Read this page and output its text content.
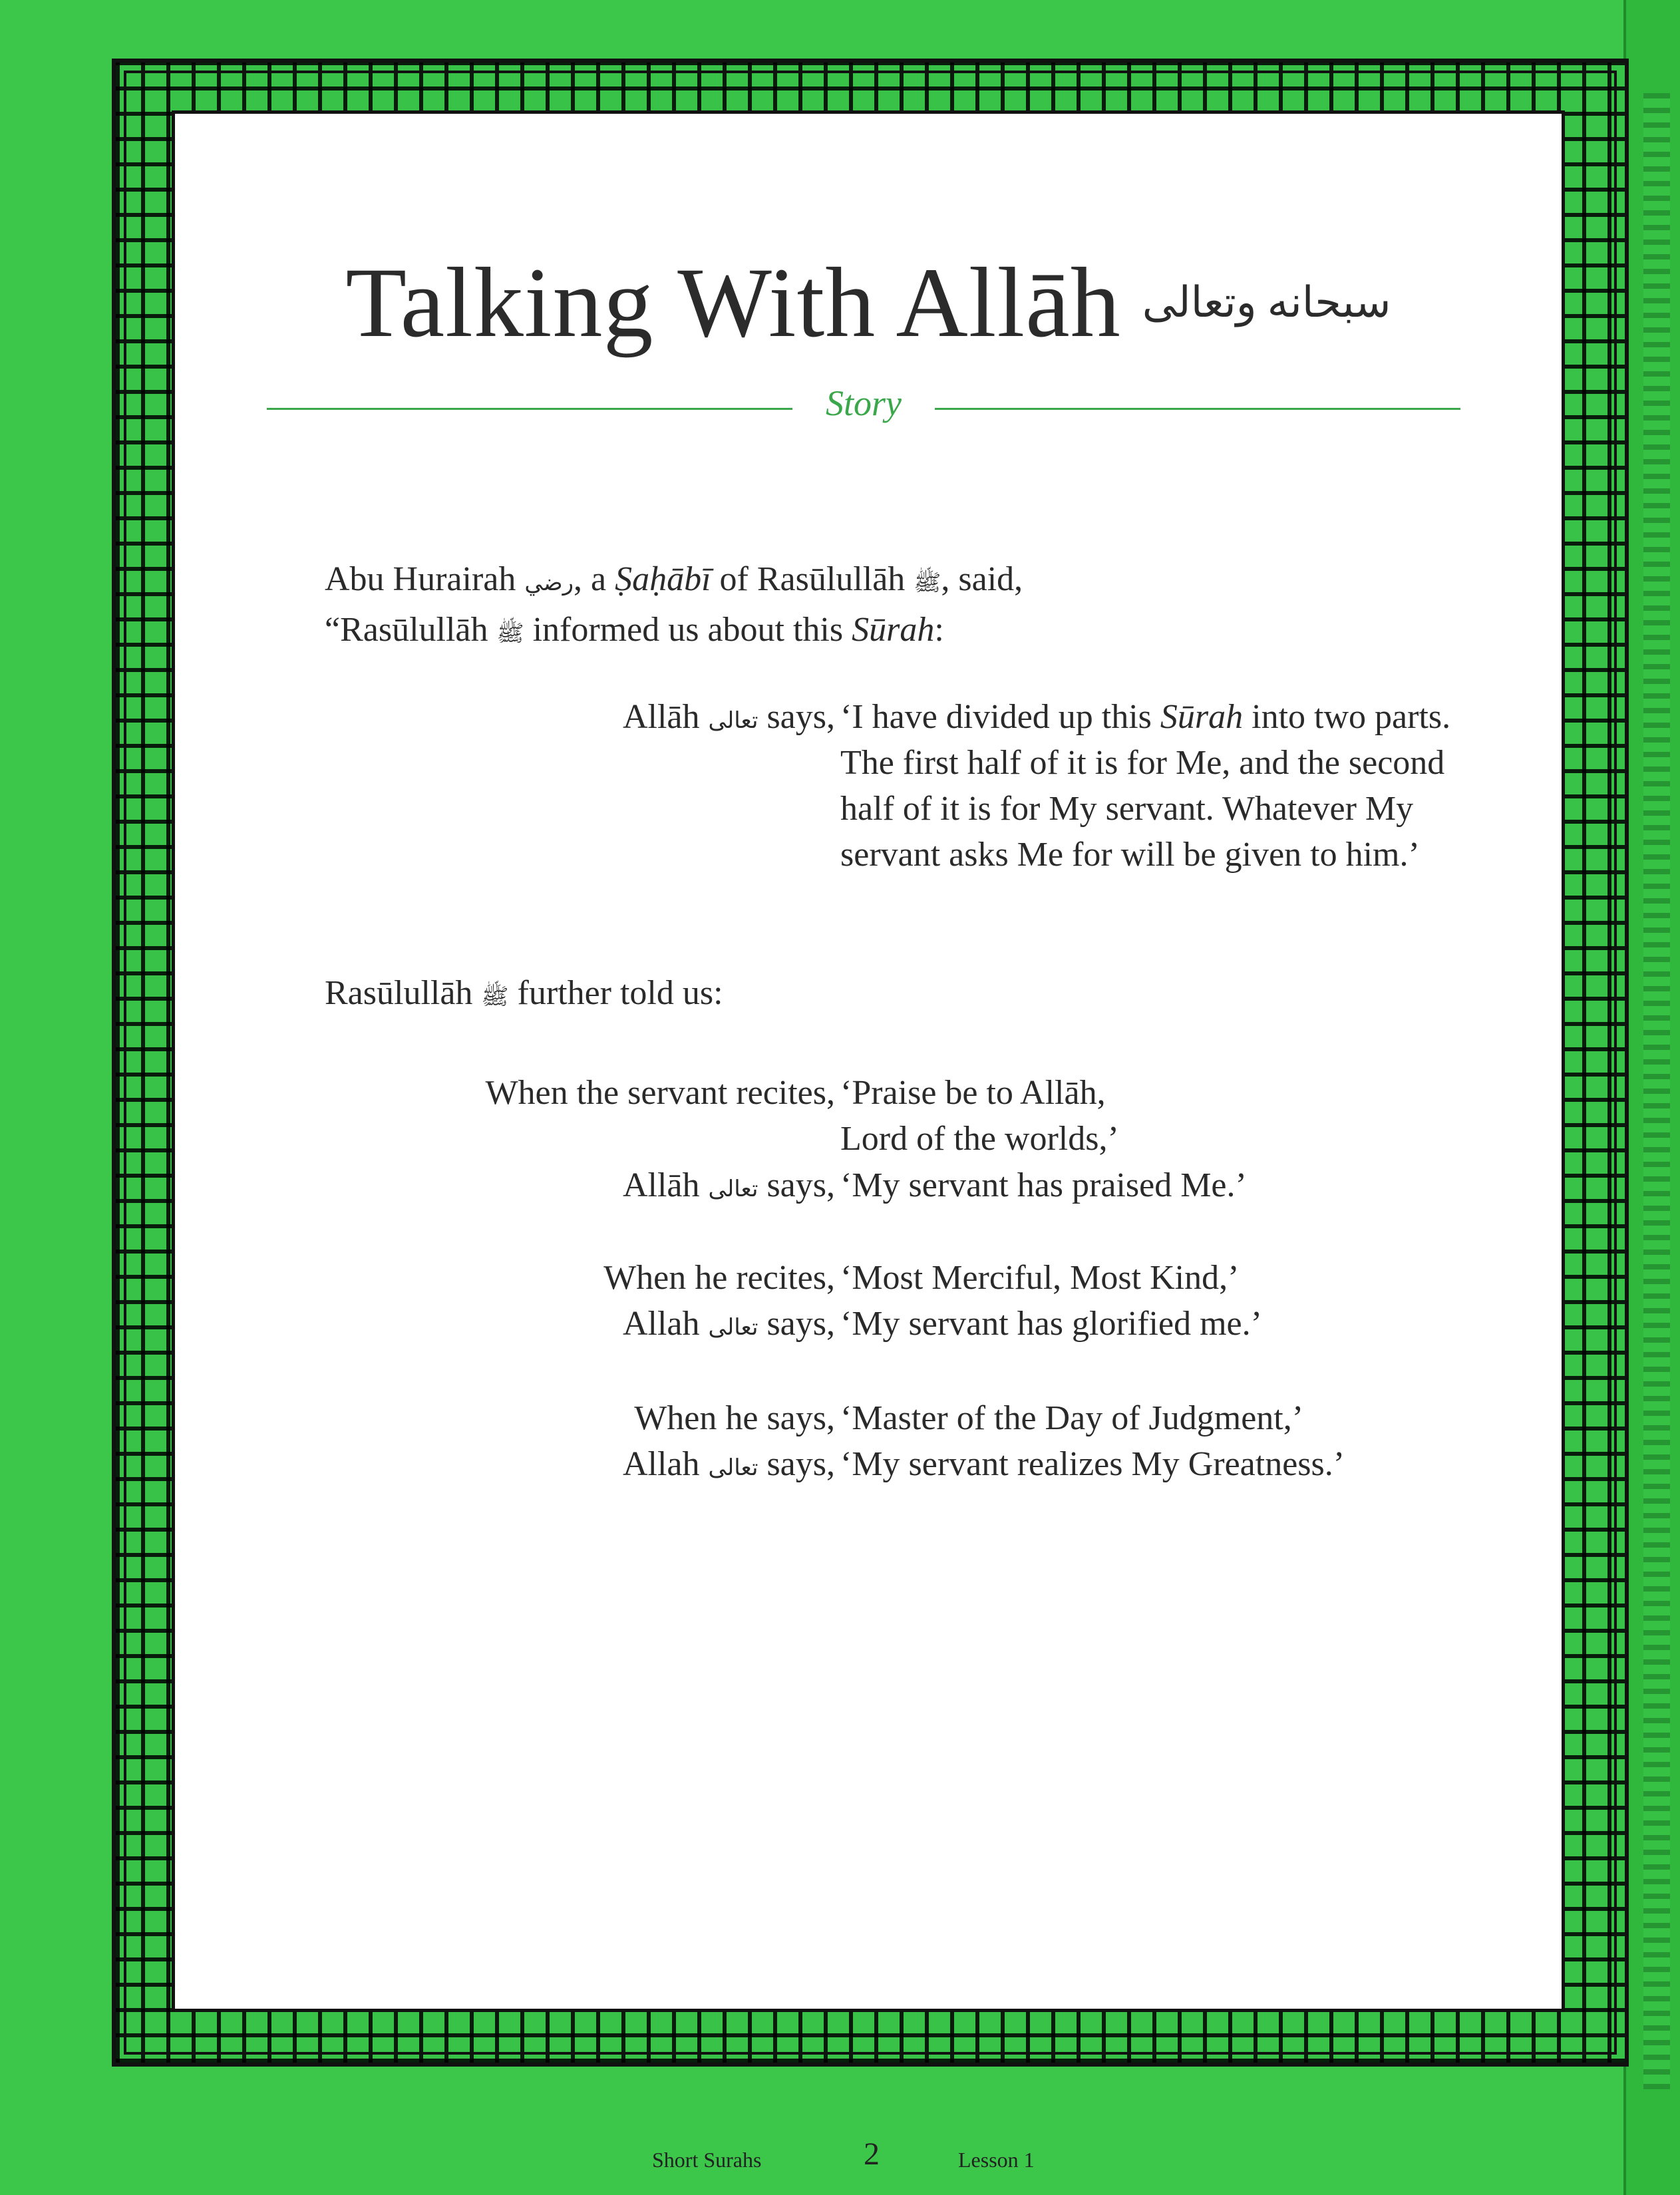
Talking With Allāh سبحانه وتعالى
Story
Abu Hurairah رضي, a Ṣaḥābī of Rasūlullāh ﷺ, said,
“Rasūlullāh ﷺ informed us about this Sūrah:
Allāh تعالى says, ‘I have divided up this Sūrah into two parts. The first half of it is for Me, and the second half of it is for My servant. Whatever My servant asks Me for will be given to him.’
Rasūlullāh ﷺ further told us:
When the servant recites, ‘Praise be to Allāh,
Lord of the worlds,’
Allāh تعالى says, ‘My servant has praised Me.’
When he recites, ‘Most Merciful, Most Kind,’
Allah تعالى says, ‘My servant has glorified me.’
When he says, ‘Master of the Day of Judgment,’
Allah تعالى says, ‘My servant realizes My Greatness.’
Short Surahs	2	Lesson 1
